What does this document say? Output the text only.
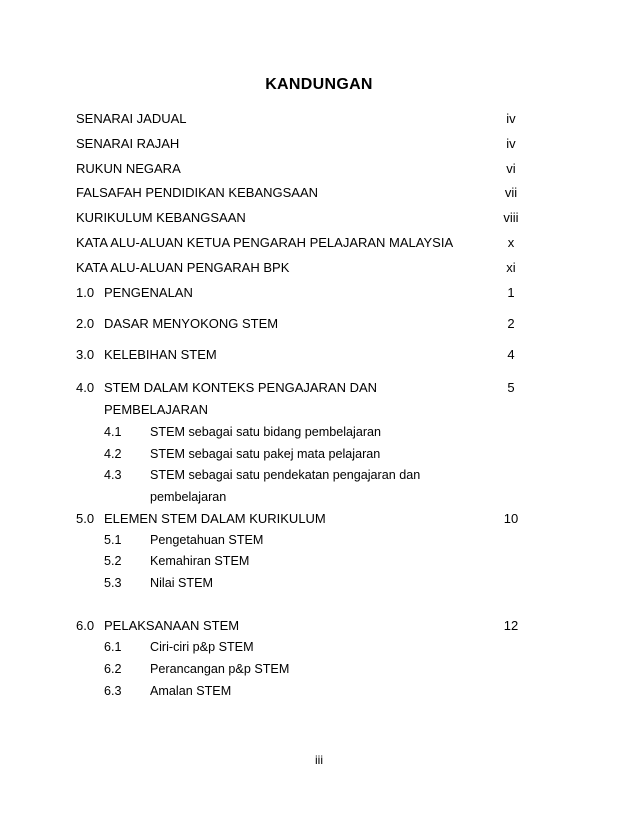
KANDUNGAN
SENARAI JADUAL	iv
SENARAI RAJAH	iv
RUKUN NEGARA	vi
FALSAFAH PENDIDIKAN KEBANGSAAN	vii
KURIKULUM KEBANGSAAN	viii
KATA ALU-ALUAN KETUA PENGARAH PELAJARAN MALAYSIA	x
KATA ALU-ALUAN PENGARAH BPK	xi
1.0 PENGENALAN	1
2.0 DASAR MENYOKONG STEM	2
3.0 KELEBIHAN STEM	4
4.0 STEM DALAM KONTEKS PENGAJARAN DAN	5
PEMBELAJARAN
4.1 STEM sebagai satu bidang pembelajaran
4.2 STEM sebagai satu pakej mata pelajaran
4.3 STEM sebagai satu pendekatan pengajaran dan
pembelajaran
5.0 ELEMEN STEM DALAM KURIKULUM	10
5.1 Pengetahuan STEM
5.2 Kemahiran STEM
5.3 Nilai STEM
6.0 PELAKSANAAN STEM	12
6.1 Ciri-ciri p&p STEM
6.2 Perancangan p&p STEM
6.3 Amalan STEM
iii
